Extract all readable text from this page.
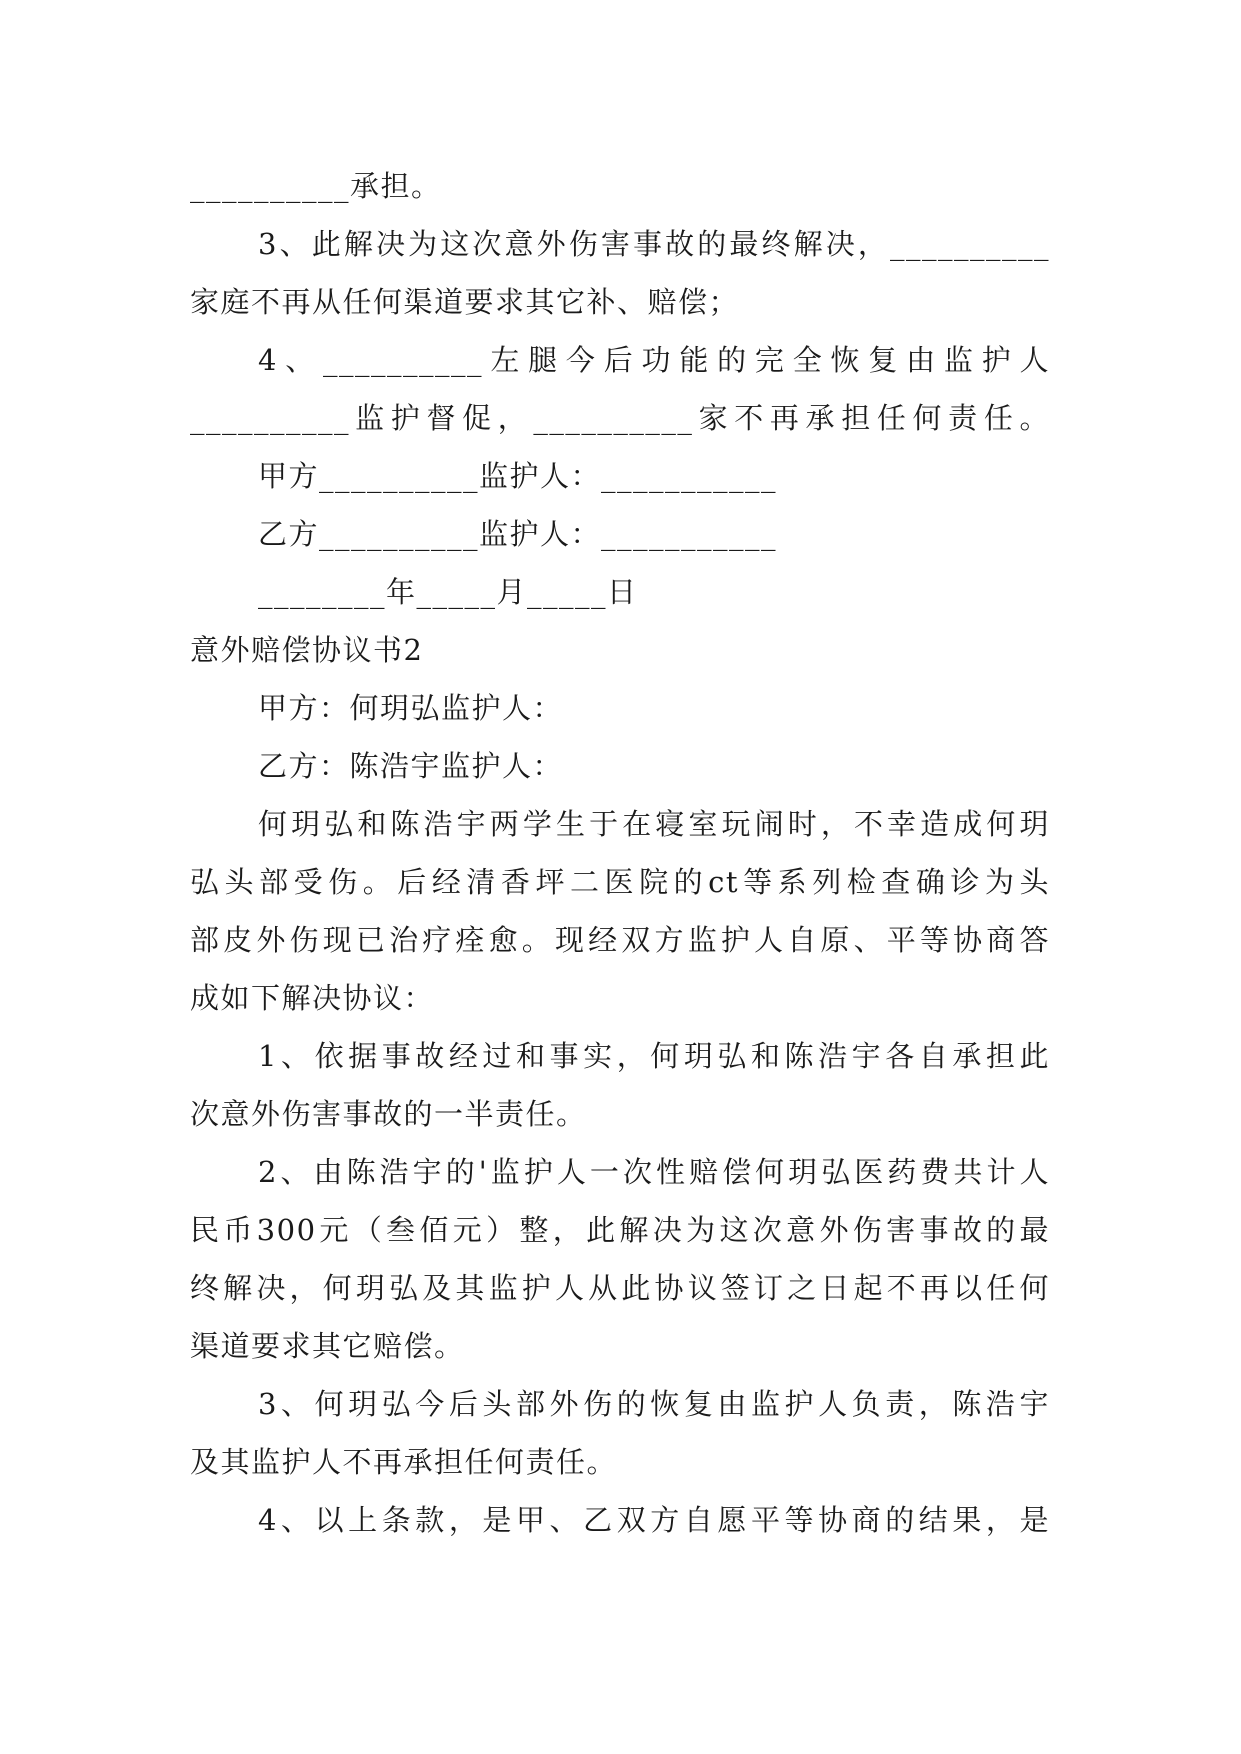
__________承担。
3、此解决为这次意外伤害事故的最终解决，__________
家庭不再从任何渠道要求其它补、赔偿；
4、__________左腿今后功能的完全恢复由监护人
__________监护督促，__________家不再承担任何责任。
甲方__________监护人：___________
乙方__________监护人：___________
________年_____月_____日
意外赔偿协议书2
甲方：何玥弘监护人：
乙方：陈浩宇监护人：
何玥弘和陈浩宇两学生于在寝室玩闹时，不幸造成何玥
弘头部受伤。后经清香坪二医院的ct等系列检查确诊为头
部皮外伤现已治疗痊愈。现经双方监护人自原、平等协商答
成如下解决协议：
1、依据事故经过和事实，何玥弘和陈浩宇各自承担此
次意外伤害事故的一半责任。
2、由陈浩宇的'监护人一次性赔偿何玥弘医药费共计人
民币300元（叁佰元）整，此解决为这次意外伤害事故的最
终解决，何玥弘及其监护人从此协议签订之日起不再以任何
渠道要求其它赔偿。
3、何玥弘今后头部外伤的恢复由监护人负责，陈浩宇
及其监护人不再承担任何责任。
4、以上条款，是甲、乙双方自愿平等协商的结果，是
